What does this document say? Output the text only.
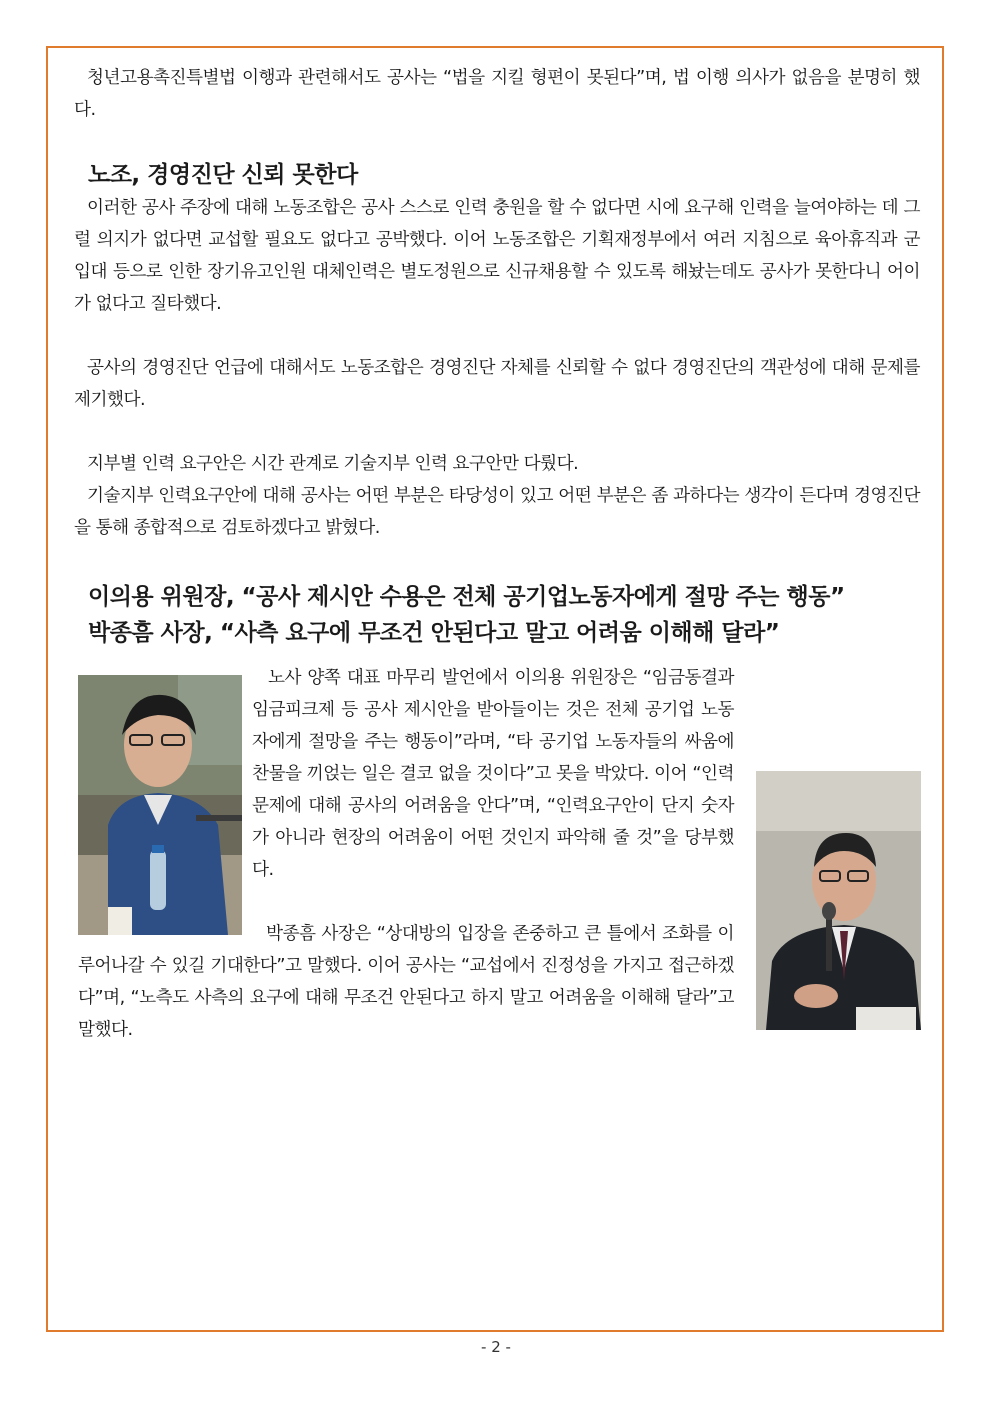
청년고용촉진특별법 이행과 관련해서도 공사는 “법을 지킬 형편이 못된다”며, 법 이행 의사가 없음을 분명히 했다.

노조, 경영진단 신뢰 못한다

이러한 공사 주장에 대해 노동조합은 공사 스스로 인력 충원을 할 수 없다면 시에 요구해 인력을 늘여야하는 데 그럴 의지가 없다면 교섭할 필요도 없다고 공박했다. 이어 노동조합은 기획재정부에서 여러 지침으로 육아휴직과 군입대 등으로 인한 장기유고인원 대체인력은 별도정원으로 신규채용할 수 있도록 해놨는데도 공사가 못한다니 어이가 없다고 질타했다.

공사의 경영진단 언급에 대해서도 노동조합은 경영진단 자체를 신뢰할 수 없다 경영진단의 객관성에 대해 문제를 제기했다.

지부별 인력 요구안은 시간 관계로 기술지부 인력 요구안만 다뤘다.

기술지부 인력요구안에 대해 공사는 어떤 부분은 타당성이 있고 어떤 부분은 좀 과하다는 생각이 든다며 경영진단을 통해 종합적으로 검토하겠다고 밝혔다.

이의용 위원장, “공사 제시안 수용은 전체 공기업노동자에게 절망 주는 행동”
박종흠 사장, “사측 요구에 무조건 안된다고 말고 어려움 이해해 달라”

노사 양쪽 대표 마무리 발언에서 이의용 위원장은 “임금동결과 임금피크제 등 공사 제시안을 받아들이는 것은 전체 공기업 노동자에게 절망을 주는 행동이”라며, “타 공기업 노동자들의 싸움에 찬물을 끼얹는 일은 결코 없을 것이다”고 못을 박았다. 이어 “인력 문제에 대해 공사의 어려움을 안다”며, “인력요구안이 단지 숫자가 아니라 현장의 어려움이 어떤 것인지 파악해 줄 것”을 당부했다.

박종흠 사장은 “상대방의 입장을 존중하고 큰 틀에서 조화를 이루어나갈 수 있길 기대한다”고 말했다. 이어 공사는 “교섭에서 진정성을 가지고 접근하겠다”며, “노측도 사측의 요구에 대해 무조건 안된다고 하지 말고 어려움을 이해해 달라”고 말했다.

- 2 -
